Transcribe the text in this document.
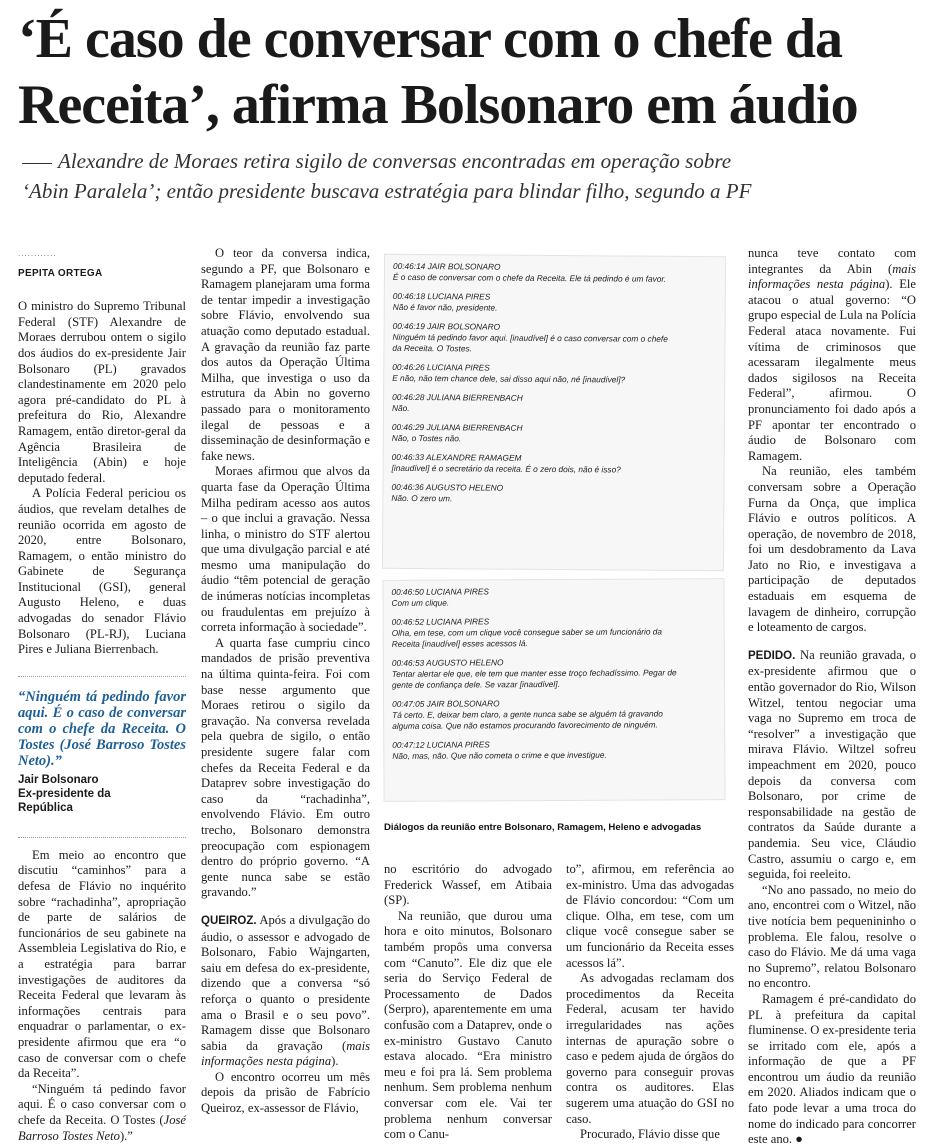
‘É caso de conversar com o chefe da
Receita’, afirma Bolsonaro em áudio
Alexandre de Moraes retira sigilo de conversas encontradas em operação sobre
‘Abin Paralela’; então presidente buscava estratégia para blindar filho, segundo a PF
............
PEPITA ORTEGA

O ministro do Supremo Tribunal Federal (STF) Alexandre de Moraes derrubou ontem o sigilo dos áudios do ex-presidente Jair Bolsonaro (PL) gravados clandestinamente em 2020 pelo agora pré-candidato do PL à prefeitura do Rio, Alexandre Ramagem, então diretor-geral da Agência Brasileira de Inteligência (Abin) e hoje deputado federal.

A Polícia Federal periciou os áudios, que revelam detalhes de reunião ocorrida em agosto de 2020, entre Bolsonaro, Ramagem, o então ministro do Gabinete de Segurança Institucional (GSI), general Augusto Heleno, e duas advogadas do senador Flávio Bolsonaro (PL-RJ), Luciana Pires e Juliana Bierrenbach.

“Ninguém tá pedindo favor aqui. É o caso de conversar com o chefe da Receita. O Tostes (José Barroso Tostes Neto).”
Jair Bolsonaro
Ex-presidente da
República

Em meio ao encontro que discutiu “caminhos” para a defesa de Flávio no inquérito sobre “rachadinha”, apropriação de parte de salários de funcionários de seu gabinete na Assembleia Legislativa do Rio, e a estratégia para barrar investigações de auditores da Receita Federal que levaram às informações centrais para enquadrar o parlamentar, o ex-presidente afirmou que era “o caso de conversar com o chefe da Receita”.

“Ninguém tá pedindo favor aqui. É o caso conversar com o chefe da Receita. O Tostes (José Barroso Tostes Neto).”

O teor da conversa indica, segundo a PF, que Bolsonaro e Ramagem planejaram uma forma de tentar impedir a investigação sobre Flávio, envolvendo sua atuação como deputado estadual. A gravação da reunião faz parte dos autos da Operação Última Milha, que investiga o uso da estrutura da Abin no governo passado para o monitoramento ilegal de pessoas e a disseminação de desinformação e fake news.

Moraes afirmou que alvos da quarta fase da Operação Última Milha pediram acesso aos autos – o que inclui a gravação. Nessa linha, o ministro do STF alertou que uma divulgação parcial e até mesmo uma manipulação do áudio “têm potencial de geração de inúmeras notícias incompletas ou fraudulentas em prejuízo à correta informação à sociedade”.

A quarta fase cumpriu cinco mandados de prisão preventiva na última quinta-feira. Foi com base nesse argumento que Moraes retirou o sigilo da gravação. Na conversa revelada pela quebra de sigilo, o então presidente sugere falar com chefes da Receita Federal e da Dataprev sobre investigação do caso da “rachadinha”, envolvendo Flávio. Em outro trecho, Bolsonaro demonstra preocupação com espionagem dentro do próprio governo. “A gente nunca sabe se estão gravando.”

QUEIROZ. Após a divulgação do áudio, o assessor e advogado de Bolsonaro, Fabio Wajngarten, saiu em defesa do ex-presidente, dizendo que a conversa “só reforça o quanto o presidente ama o Brasil e o seu povo”. Ramagem disse que Bolsonaro sabia da gravação (mais informações nesta página).

O encontro ocorreu um mês depois da prisão de Fabrício Queiroz, ex-assessor de Flávio,

00:46:14 JAIR BOLSONARO
É o caso de conversar com o chefe da Receita. Ele tá pedindo é um favor.
00:46:18 LUCIANA PIRES
Não é favor não, presidente.
00:46:19 JAIR BOLSONARO
Ninguém tá pedindo favor aqui. [inaudível] é o caso conversar com o chefe
da Receita. O Tostes.
00:46:26 LUCIANA PIRES
E não, não tem chance dele, sai disso aqui não, né [inaudível]?
00:46:28 JULIANA BIERRENBACH
Não.
00:46:29 JULIANA BIERRENBACH
Não, o Tostes não.
00:46:33 ALEXANDRE RAMAGEM
[inaudível] é o secretário da receita. É o zero dois, não é isso?
00:46:36 AUGUSTO HELENO
Não. O zero um.
00:46:50 LUCIANA PIRES
Com um clique.
00:46:52 LUCIANA PIRES
Olha, em tese, com um clique você consegue saber se um funcionário da
Receita [inaudível] esses acessos lá.
00:46:53 AUGUSTO HELENO
Tentar alertar ele que, ele tem que manter esse troço fechadíssimo. Pegar de
gente de confiança dele. Se vazar [inaudível].
00:47:05 JAIR BOLSONARO
Tá certo. E, deixar bem claro, a gente nunca sabe se alguém tá gravando
alguma coisa. Que não estamos procurando favorecimento de ninguém.
00:47:12 LUCIANA PIRES
Não, mas, não. Que não cometa o crime e que investigue.
Diálogos da reunião entre Bolsonaro, Ramagem, Heleno e advogadas

no escritório do advogado Frederick Wassef, em Atibaia (SP).

Na reunião, que durou uma hora e oito minutos, Bolsonaro também propôs uma conversa com “Canuto”. Ele diz que ele seria do Serviço Federal de Processamento de Dados (Serpro), aparentemente em uma confusão com a Dataprev, onde o ex-ministro Gustavo Canuto estava alocado. “Era ministro meu e foi pra lá. Sem problema nenhum. Sem problema nenhum conversar com ele. Vai ter problema nenhum conversar com o Canu-

to”, afirmou, em referência ao ex-ministro. Uma das advogadas de Flávio concordou: “Com um clique. Olha, em tese, com um clique você consegue saber se um funcionário da Receita esses acessos lá”.

As advogadas reclamam dos procedimentos da Receita Federal, acusam ter havido irregularidades nas ações internas de apuração sobre o caso e pedem ajuda de órgãos do governo para conseguir provas contra os auditores. Elas sugerem uma atuação do GSI no caso.

Procurado, Flávio disse que

nunca teve contato com integrantes da Abin (mais informações nesta página). Ele atacou o atual governo: “O grupo especial de Lula na Polícia Federal ataca novamente. Fui vítima de criminosos que acessaram ilegalmente meus dados sigilosos na Receita Federal”, afirmou. O pronunciamento foi dado após a PF apontar ter encontrado o áudio de Bolsonaro com Ramagem.

Na reunião, eles também conversam sobre a Operação Furna da Onça, que implica Flávio e outros políticos. A operação, de novembro de 2018, foi um desdobramento da Lava Jato no Rio, e investigava a participação de deputados estaduais em esquema de lavagem de dinheiro, corrupção e loteamento de cargos.

PEDIDO. Na reunião gravada, o ex-presidente afirmou que o então governador do Rio, Wilson Witzel, tentou negociar uma vaga no Supremo em troca de “resolver” a investigação que mirava Flávio. Wiltzel sofreu impeachment em 2020, pouco depois da conversa com Bolsonaro, por crime de responsabilidade na gestão de contratos da Saúde durante a pandemia. Seu vice, Cláudio Castro, assumiu o cargo e, em seguida, foi reeleito.

“No ano passado, no meio do ano, encontrei com o Witzel, não tive notícia bem pequenininho o problema. Ele falou, resolve o caso do Flávio. Me dá uma vaga no Supremo”, relatou Bolsonaro no encontro.

Ramagem é pré-candidato do PL à prefeitura da capital fluminense. O ex-presidente teria se irritado com ele, após a informação de que a PF encontrou um áudio da reunião em 2020. Aliados indicam que o fato pode levar a uma troca do nome do indicado para concorrer este ano. ●
